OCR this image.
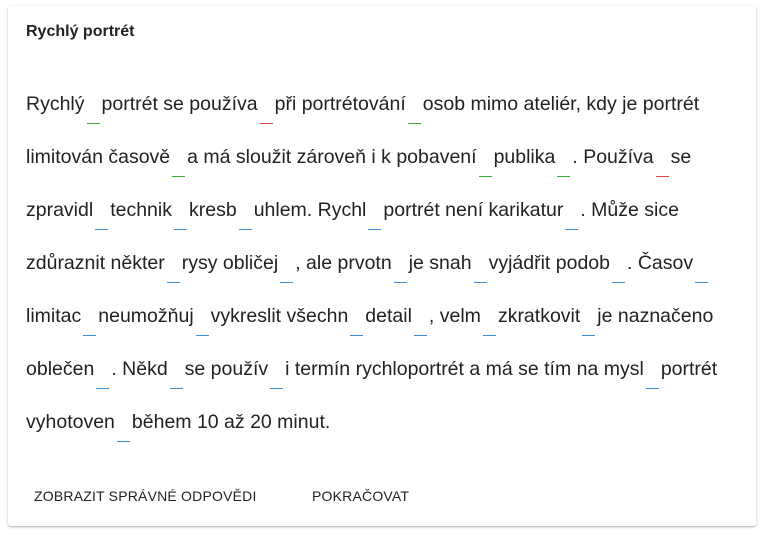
Rychlý portrét
Rychlý portrét se používa při portrétování osob mimo ateliér, kdy je portrét
limitován časově a má sloužit zároveň i k pobavení publika . Používa se
zpravidl technik kresb uhlem. Rychl portrét není karikatur . Může sice
zdůraznit někter rysy obličej , ale prvotn je snah vyjádřit podob . Časov
limitac neumožňuj vykreslit všechn detail , velm zkratkovit je naznačeno
oblečen . Někd se použív i termín rychloportrét a má se tím na mysl portrét
vyhotoven během 10 až 20 minut.
ZOBRAZIT SPRÁVNÉ ODPOVĚDI	POKRAČOVAT
